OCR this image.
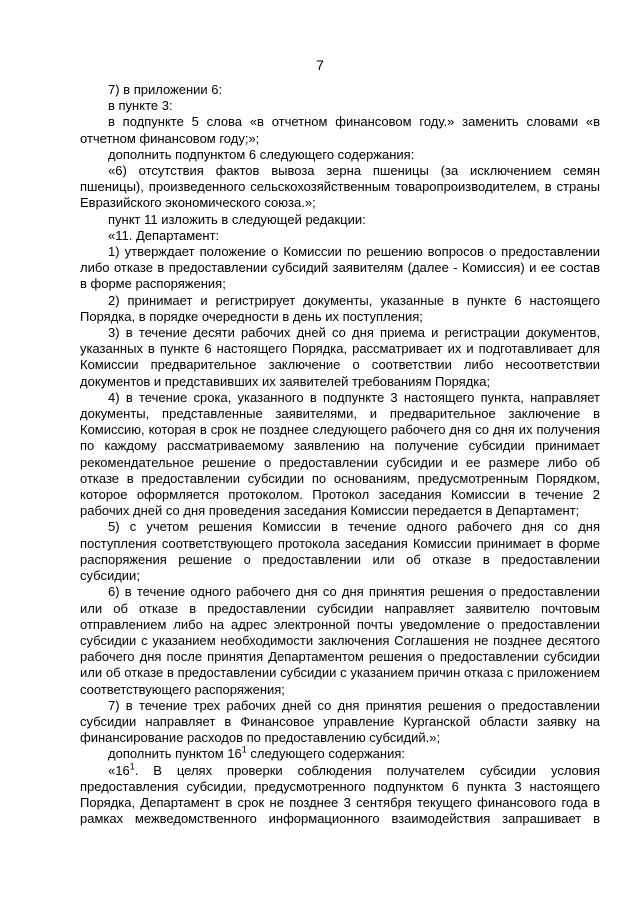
7

7) в приложении 6:

в пункте 3:

в подпункте 5 слова «в отчетном финансовом году.» заменить словами «в отчетном финансовом году;»;

дополнить подпунктом 6 следующего содержания:

«6) отсутствия фактов вывоза зерна пшеницы (за исключением семян пшеницы), произведенного сельскохозяйственным товаропроизводителем, в страны Евразийского экономического союза.»;

пункт 11 изложить в следующей редакции:

«11. Департамент:

1) утверждает положение о Комиссии по решению вопросов о предоставлении либо отказе в предоставлении субсидий заявителям (далее - Комиссия) и ее состав в форме распоряжения;

2) принимает и регистрирует документы, указанные в пункте 6 настоящего Порядка, в порядке очередности в день их поступления;

3) в течение десяти рабочих дней со дня приема и регистрации документов, указанных в пункте 6 настоящего Порядка, рассматривает их и подготавливает для Комиссии предварительное заключение о соответствии либо несоответствии документов и представивших их заявителей требованиям Порядка;

4) в течение срока, указанного в подпункте 3 настоящего пункта, направляет документы, представленные заявителями, и предварительное заключение в Комиссию, которая в срок не позднее следующего рабочего дня со дня их получения по каждому рассматриваемому заявлению на получение субсидии принимает рекомендательное решение о предоставлении субсидии и ее размере либо об отказе в предоставлении субсидии по основаниям, предусмотренным Порядком, которое оформляется протоколом. Протокол заседания Комиссии в течение 2 рабочих дней со дня проведения заседания Комиссии передается в Департамент;

5) с учетом решения Комиссии в течение одного рабочего дня со дня поступления соответствующего протокола заседания Комиссии принимает в форме распоряжения решение о предоставлении или об отказе в предоставлении субсидии;

6) в течение одного рабочего дня со дня принятия решения о предоставлении или об отказе в предоставлении субсидии направляет заявителю почтовым отправлением либо на адрес электронной почты уведомление о предоставлении субсидии с указанием необходимости заключения Соглашения не позднее десятого рабочего дня после принятия Департаментом решения о предоставлении субсидии или об отказе в предоставлении субсидии с указанием причин отказа с приложением соответствующего распоряжения;

7) в течение трех рабочих дней со дня принятия решения о предоставлении субсидии направляет в Финансовое управление Курганской области заявку на финансирование расходов по предоставлению субсидий.»;

дополнить пунктом $16^1$ следующего содержания:

«$16^1$. В целях проверки соблюдения получателем субсидии условия предоставления субсидии, предусмотренного подпунктом 6 пункта 3 настоящего Порядка, Департамент в срок не позднее 3 сентября текущего финансового года в рамках межведомственного информационного взаимодействия запрашивает в
